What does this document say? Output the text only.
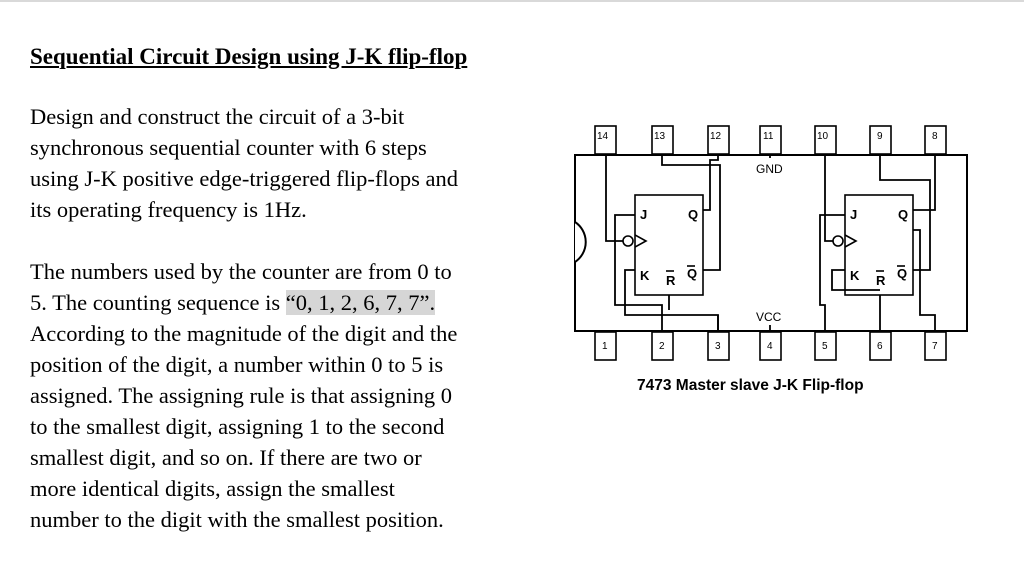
Sequential Circuit Design using J-K flip-flop
Design and construct the circuit of a 3-bit
synchronous sequential counter with 6 steps
using J-K positive edge-triggered flip-flops and
its operating frequency is 1Hz.
The numbers used by the counter are from 0 to
5. The counting sequence is “0, 1, 2, 6, 7, 7”.
According to the magnitude of the digit and the
position of the digit, a number within 0 to 5 is
assigned. The assigning rule is that assigning 0
to the smallest digit, assigning 1 to the second
smallest digit, and so on. If there are two or
more identical digits, assign the smallest
number to the digit with the smallest position.
14	13	12	11	10	9	8
1	2	3	4	5	6	7
GND
VCC
J
K
Q
Q
R
J
K
Q
Q
R
7473 Master slave J-K Flip-flop
